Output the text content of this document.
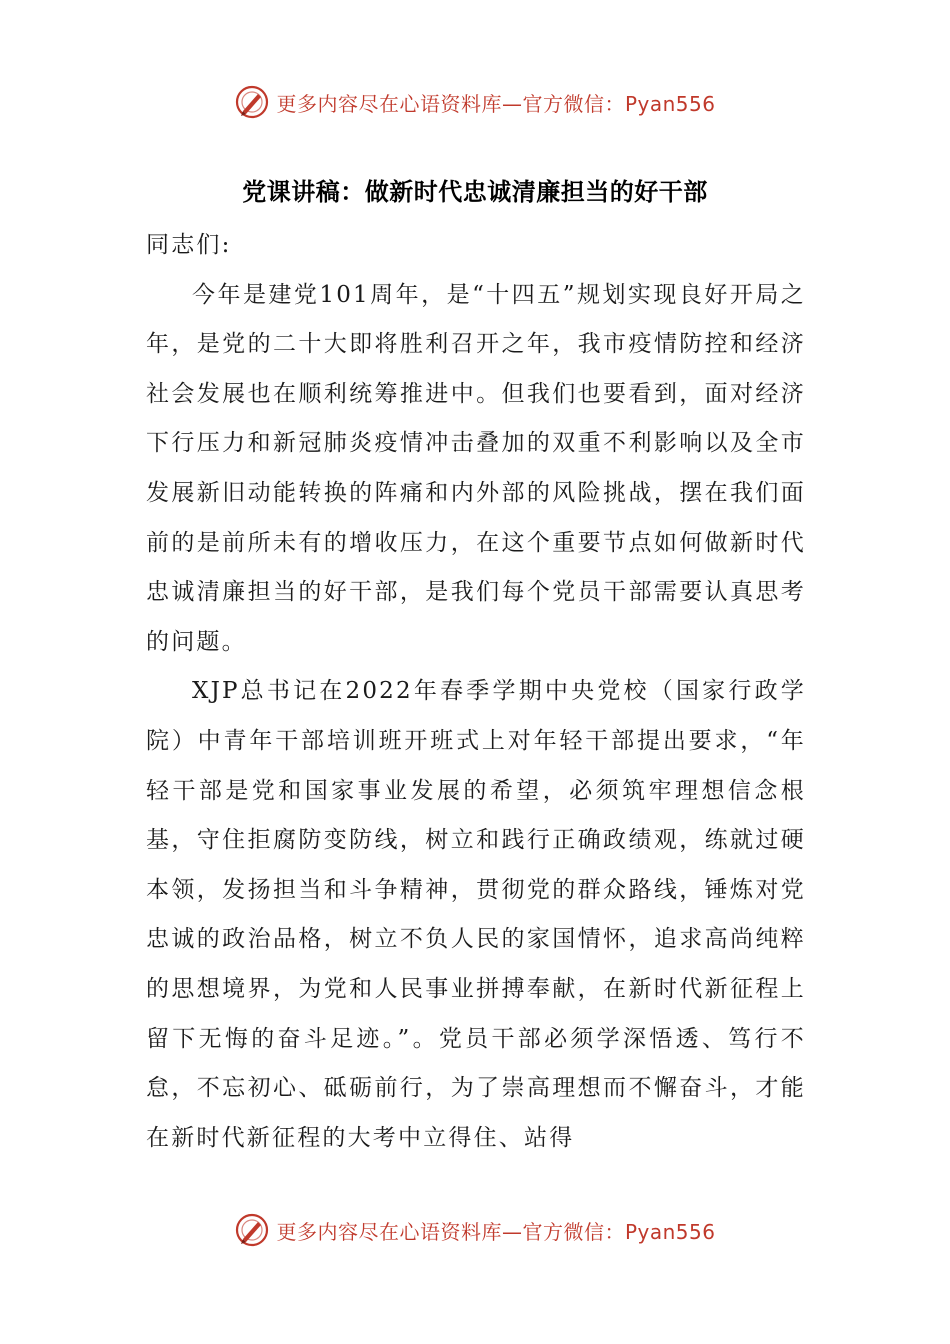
更多内容尽在心语资料库—官方微信：Pyan556
党课讲稿：做新时代忠诚清廉担当的好干部

同志们:

今年是建党101周年，是“十四五”规划实现良好开局之年，是党的二十大即将胜利召开之年，我市疫情防控和经济社会发展也在顺利统筹推进中。但我们也要看到，面对经济下行压力和新冠肺炎疫情冲击叠加的双重不利影响以及全市发展新旧动能转换的阵痛和内外部的风险挑战，摆在我们面前的是前所未有的增收压力，在这个重要节点如何做新时代忠诚清廉担当的好干部，是我们每个党员干部需要认真思考的问题。

XJP总书记在2022年春季学期中央党校（国家行政学院）中青年干部培训班开班式上对年轻干部提出要求，“年轻干部是党和国家事业发展的希望，必须筑牢理想信念根基，守住拒腐防变防线，树立和践行正确政绩观，练就过硬本领，发扬担当和斗争精神，贯彻党的群众路线，锤炼对党忠诚的政治品格，树立不负人民的家国情怀，追求高尚纯粹的思想境界，为党和人民事业拼搏奉献，在新时代新征程上留下无悔的奋斗足迹。”。党员干部必须学深悟透、笃行不怠，不忘初心、砥砺前行，为了崇高理想而不懈奋斗，才能在新时代新征程的大考中立得住、站得

更多内容尽在心语资料库—官方微信：Pyan556
